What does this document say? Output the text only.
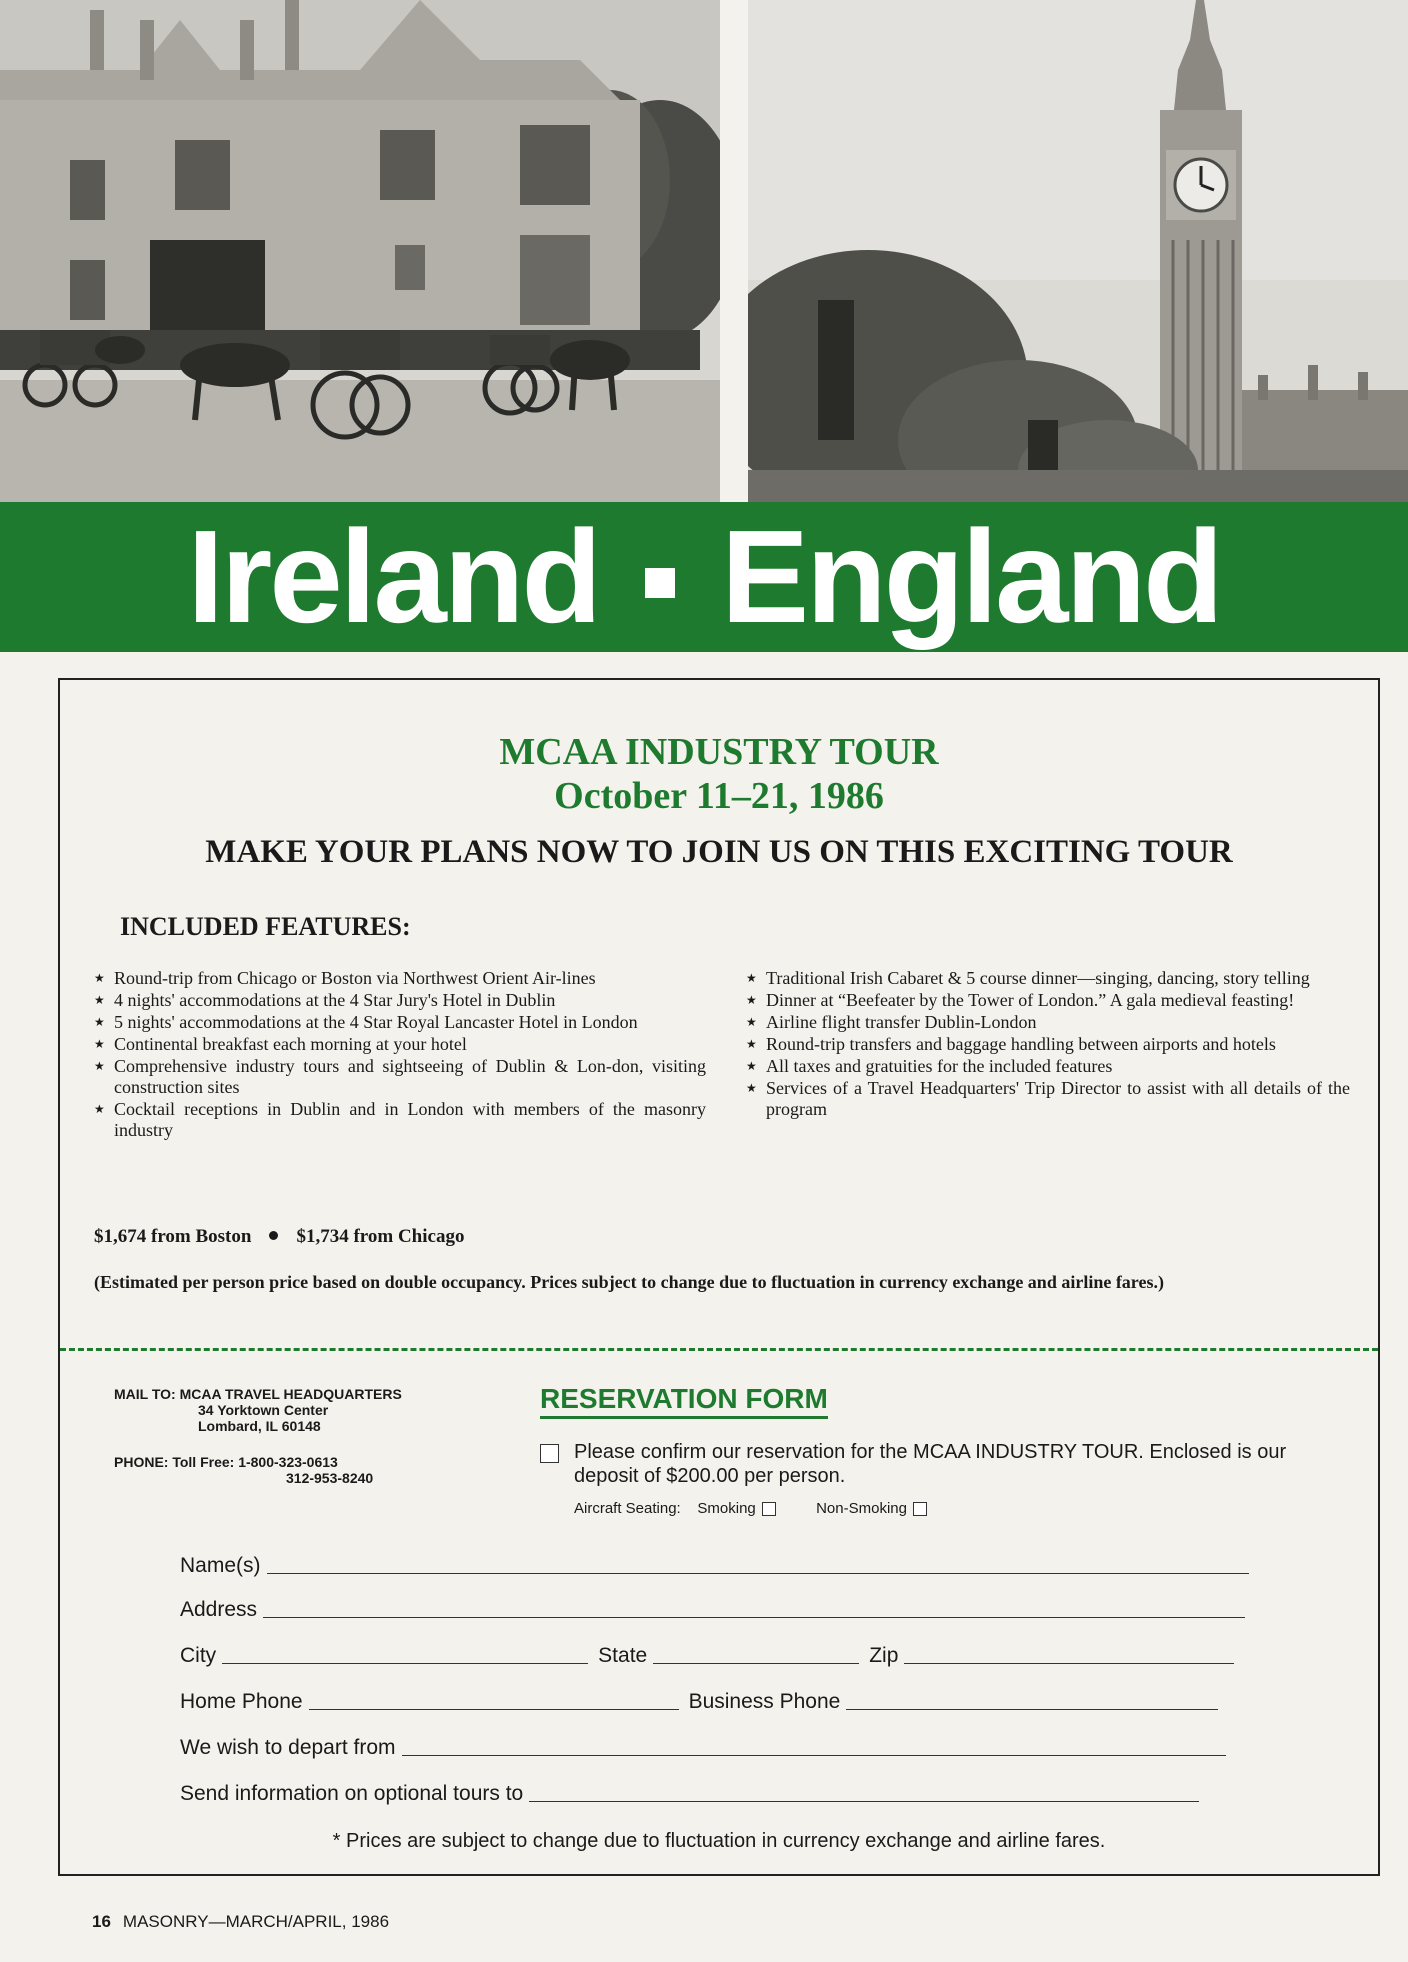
Ireland England
MCAA INDUSTRY TOUR
October 11–21, 1986
MAKE YOUR PLANS NOW TO JOIN US ON THIS EXCITING TOUR
INCLUDED FEATURES:
★ Round-trip from Chicago or Boston via Northwest Orient Air-lines
★ 4 nights' accommodations at the 4 Star Jury's Hotel in Dublin
★ 5 nights' accommodations at the 4 Star Royal Lancaster Hotel in London
★ Continental breakfast each morning at your hotel
★ Comprehensive industry tours and sightseeing of Dublin & Lon-don, visiting construction sites
★ Cocktail receptions in Dublin and in London with members of the masonry industry
★ Traditional Irish Cabaret & 5 course dinner—singing, dancing, story telling
★ Dinner at “Beefeater by the Tower of London.” A gala medieval feasting!
★ Airline flight transfer Dublin-London
★ Round-trip transfers and baggage handling between airports and hotels
★ All taxes and gratuities for the included features
★ Services of a Travel Headquarters' Trip Director to assist with all details of the program
$1,674 from Boston $1,734 from Chicago
(Estimated per person price based on double occupancy. Prices subject to change due to fluctuation in currency exchange and airline fares.)
MAIL TO: MCAA TRAVEL HEADQUARTERS
34 Yorktown Center
Lombard, IL 60148
PHONE: Toll Free: 1-800-323-0613
312-953-8240
RESERVATION FORM
Please confirm our reservation for the MCAA INDUSTRY TOUR. Enclosed is our deposit of $200.00 per person.
Aircraft Seating: Smoking	Non-Smoking
Name(s)
Address
City	State	Zip
Home Phone	Business Phone
We wish to depart from
Send information on optional tours to
* Prices are subject to change due to fluctuation in currency exchange and airline fares.
16 MASONRY—MARCH/APRIL, 1986
